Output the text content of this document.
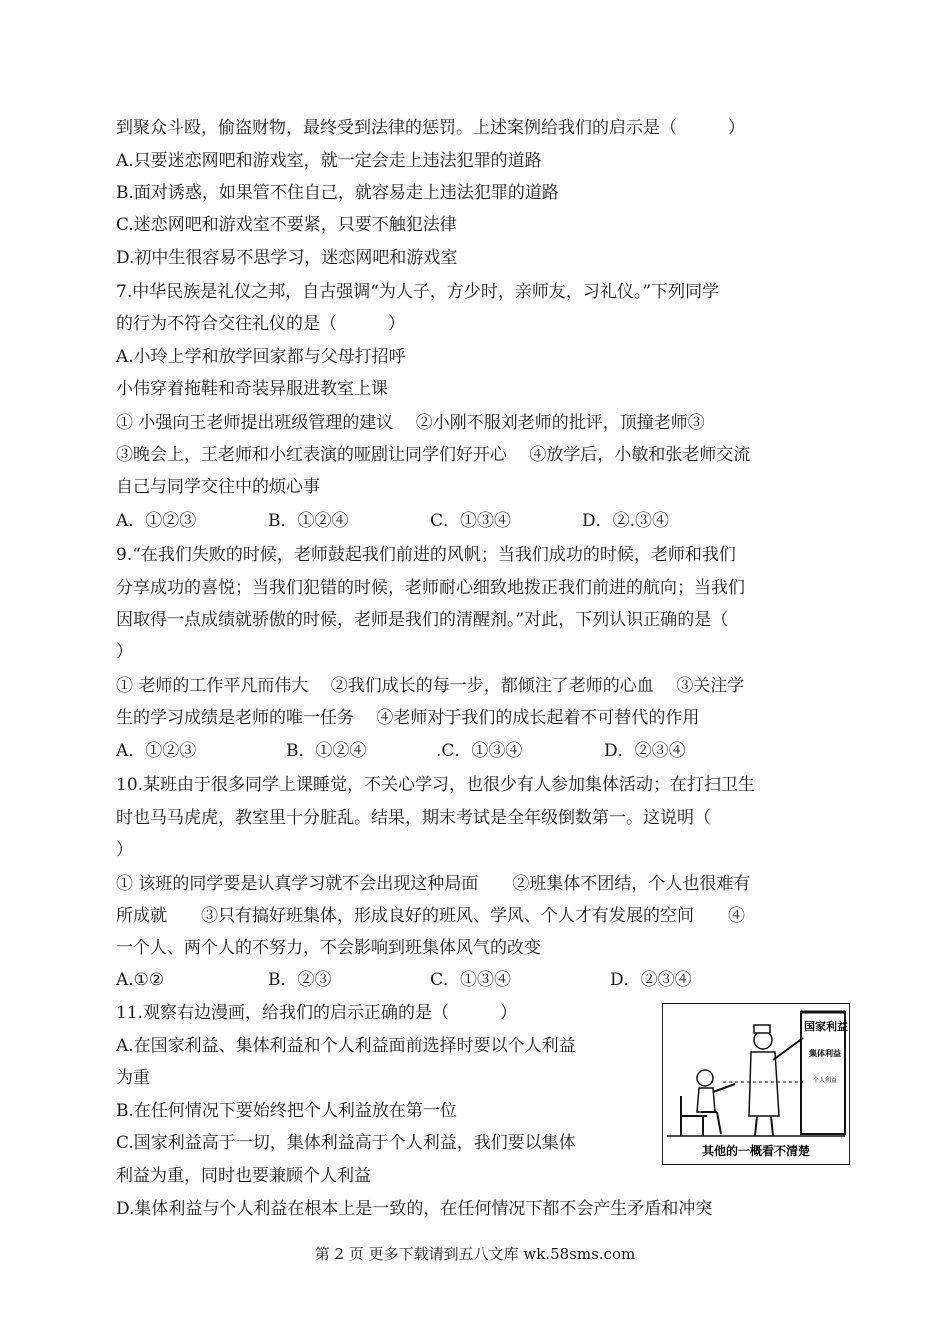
到聚众斗殴，偷盗财物，最终受到法律的惩罚。上述案例给我们的启示是（　　　）
A.只要迷恋网吧和游戏室，就一定会走上违法犯罪的道路
B.面对诱惑，如果管不住自己，就容易走上违法犯罪的道路
C.迷恋网吧和游戏室不要紧，只要不触犯法律
D.初中生很容易不思学习，迷恋网吧和游戏室
7.中华民族是礼仪之邦，自古强调“为人子，方少时，亲师友，习礼仪。”下列同学
的行为不符合交往礼仪的是（　　　）
A.小玲上学和放学回家都与父母打招呼
小伟穿着拖鞋和奇装异服进教室上课
① 小强向王老师提出班级管理的建议　 ②小刚不服刘老师的批评，顶撞老师③
③晚会上，王老师和小红表演的哑剧让同学们好开心　 ④放学后，小敏和张老师交流
自己与同学交往中的烦心事
9.“在我们失败的时候，老师鼓起我们前进的风帆；当我们成功的时候，老师和我们
分享成功的喜悦；当我们犯错的时候，老师耐心细致地拨正我们前进的航向；当我们
因取得一点成绩就骄傲的时候，老师是我们的清醒剂。”对此，下列认识正确的是（
）
① 老师的工作平凡而伟大　 ②我们成长的每一步，都倾注了老师的心血　 ③关注学
生的学习成绩是老师的唯一任务　 ④老师对于我们的成长起着不可替代的作用
10.某班由于很多同学上课睡觉，不关心学习，也很少有人参加集体活动；在打扫卫生
时也马马虎虎，教室里十分脏乱。结果，期末考试是全年级倒数第一。这说明（
）
① 该班的同学要是认真学习就不会出现这种局面　　②班集体不团结，个人也很难有
所成就　　③只有搞好班集体，形成良好的班风、学风、个人才有发展的空间　　④
一个人、两个人的不努力，不会影响到班集体风气的改变
11.观察右边漫画，给我们的启示正确的是（　　　）
A.在国家利益、集体利益和个人利益面前选择时要以个人利益
为重
B.在任何情况下要始终把个人利益放在第一位
C.国家利益高于一切，集体利益高于个人利益，我们要以集体
利益为重，同时也要兼顾个人利益
D.集体利益与个人利益在根本上是一致的，在任何情况下都不会产生矛盾和冲突
A．①②③	B．①②④	C．①③④	D．②.③④
A．①②③	B．①②④	.C．①③④	D．②③④
A.①②	B．②③	C．①③④	D．②③④
国家利益
集体利益
个人利益
其他的一概看不清楚
第 2 页 更多下载请到五八文库 wk.58sms.com
